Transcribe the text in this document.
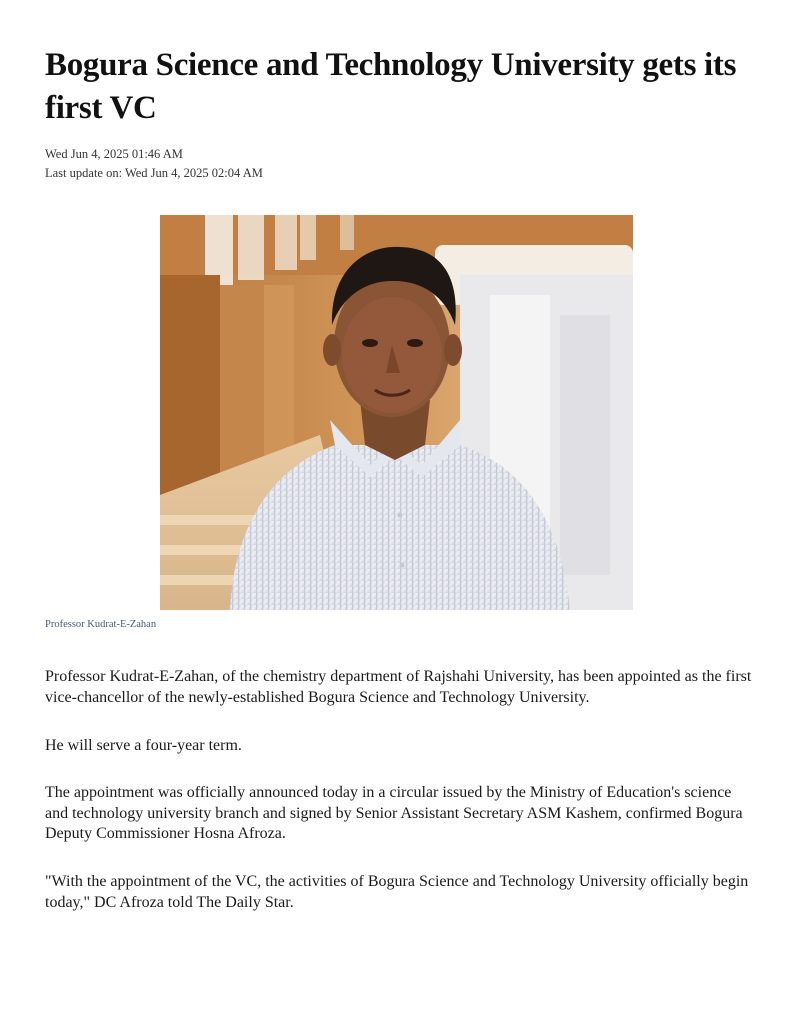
Bogura Science and Technology University gets its first VC

Wed Jun 4, 2025 01:46 AM

Last update on: Wed Jun 4, 2025 02:04 AM

Professor Kudrat-E-Zahan

Professor Kudrat-E-Zahan, of the chemistry department of Rajshahi University, has been appointed as the first vice-chancellor of the newly-established Bogura Science and Technology University.

He will serve a four-year term.

The appointment was officially announced today in a circular issued by the Ministry of Education's science and technology university branch and signed by Senior Assistant Secretary ASM Kashem, confirmed Bogura Deputy Commissioner Hosna Afroza.

"With the appointment of the VC, the activities of Bogura Science and Technology University officially begin today," DC Afroza told The Daily Star.
